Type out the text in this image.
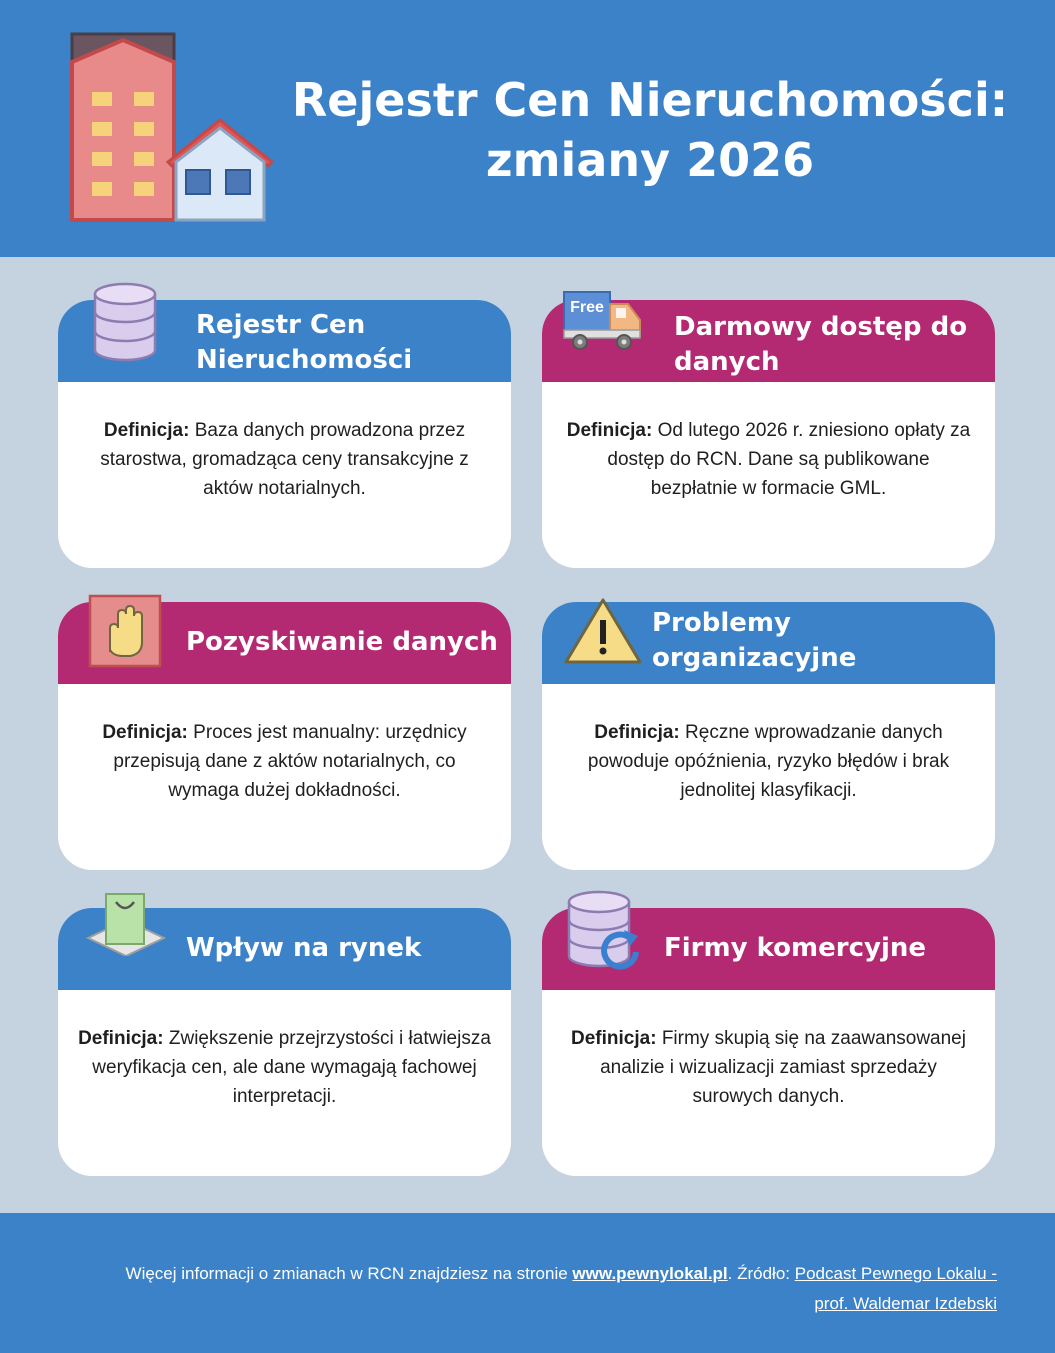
Rejestr Cen Nieruchomości:
zmiany 2026
Rejestr Cen
Nieruchomości
Definicja: Baza danych prowadzona przez starostwa, gromadząca ceny transakcyjne z aktów notarialnych.
Free
Darmowy dostęp do
danych
Definicja: Od lutego 2026 r. zniesiono opłaty za dostęp do RCN. Dane są publikowane bezpłatnie w formacie GML.
Pozyskiwanie danych
Definicja: Proces jest manualny: urzędnicy przepisują dane z aktów notarialnych, co wymaga dużej dokładności.
Problemy
organizacyjne
Definicja: Ręczne wprowadzanie danych powoduje opóźnienia, ryzyko błędów i brak jednolitej klasyfikacji.
Wpływ na rynek
Definicja: Zwiększenie przejrzystości i łatwiejsza weryfikacja cen, ale dane wymagają fachowej interpretacji.
Firmy komercyjne
Definicja: Firmy skupią się na zaawansowanej analizie i wizualizacji zamiast sprzedaży surowych danych.
Więcej informacji o zmianach w RCN znajdziesz na stronie www.pewnylokal.pl. Źródło: Podcast Pewnego Lokalu -
prof. Waldemar Izdebski
